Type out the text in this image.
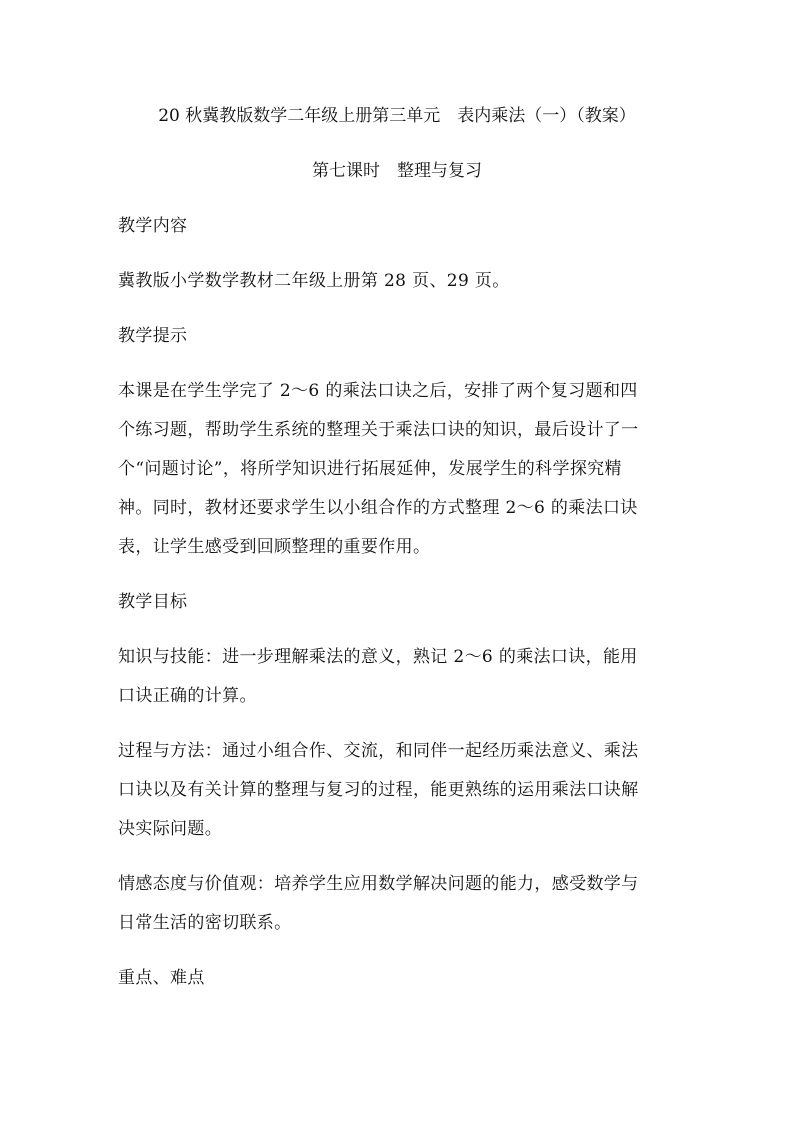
20 秋冀教版数学二年级上册第三单元　表内乘法（一）（教案）
第七课时　整理与复习
教学内容
冀教版小学数学教材二年级上册第 28 页、29 页。
教学提示
本课是在学生学完了 2～6 的乘法口诀之后，安排了两个复习题和四
个练习题，帮助学生系统的整理关于乘法口诀的知识，最后设计了一
个“问题讨论”，将所学知识进行拓展延伸，发展学生的科学探究精
神。同时，教材还要求学生以小组合作的方式整理 2～6 的乘法口诀
表，让学生感受到回顾整理的重要作用。
教学目标
知识与技能：进一步理解乘法的意义，熟记 2～6 的乘法口诀，能用
口诀正确的计算。
过程与方法：通过小组合作、交流，和同伴一起经历乘法意义、乘法
口诀以及有关计算的整理与复习的过程，能更熟练的运用乘法口诀解
决实际问题。
情感态度与价值观：培养学生应用数学解决问题的能力，感受数学与
日常生活的密切联系。
重点、难点
